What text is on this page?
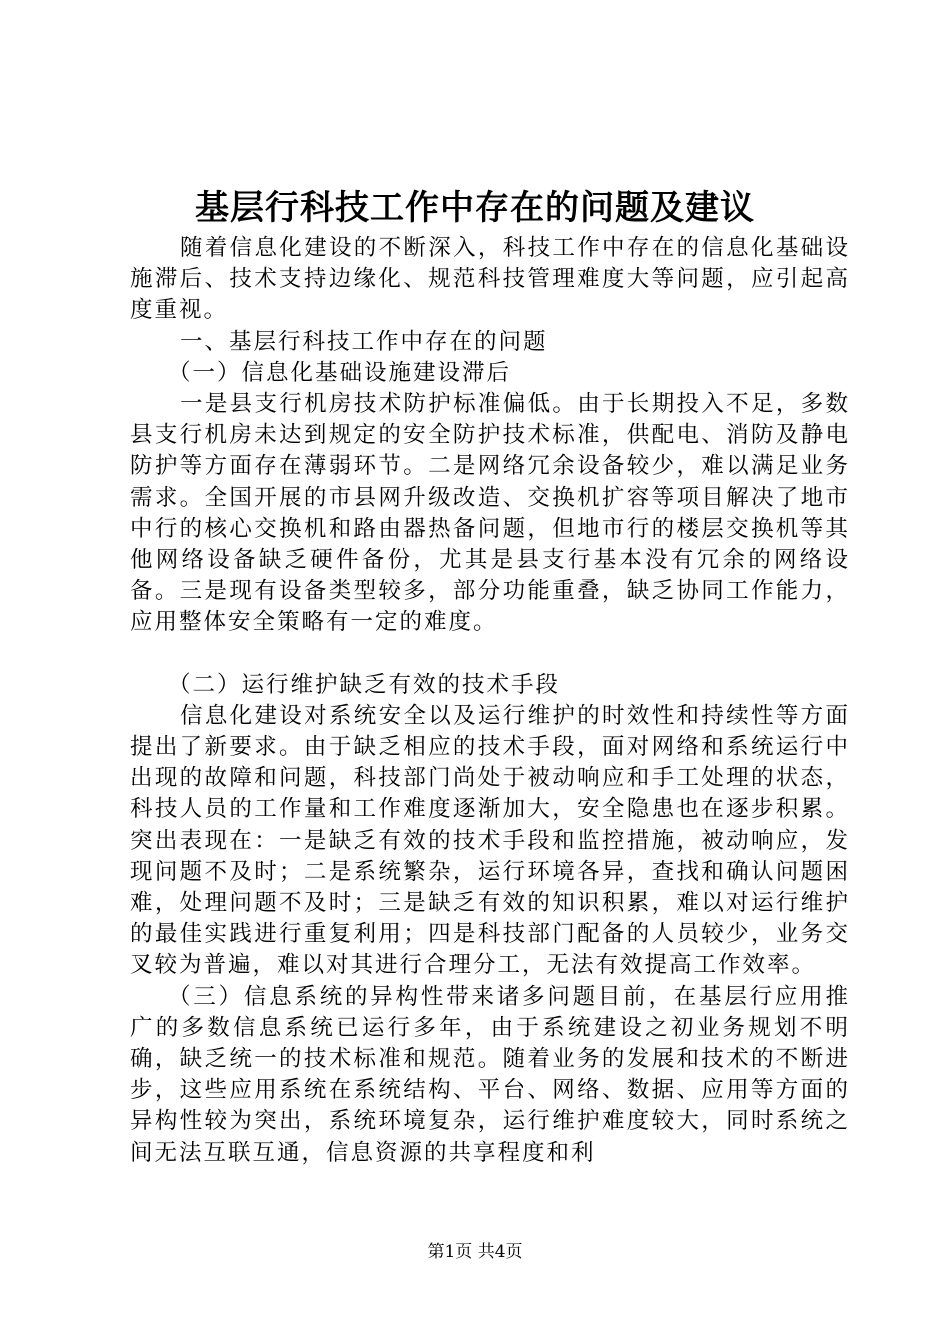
基层行科技工作中存在的问题及建议

随着信息化建设的不断深入，科技工作中存在的信息化基础设施滞后、技术支持边缘化、规范科技管理难度大等问题，应引起高度重视。

一、基层行科技工作中存在的问题

（一）信息化基础设施建设滞后

一是县支行机房技术防护标准偏低。由于长期投入不足，多数县支行机房未达到规定的安全防护技术标准，供配电、消防及静电防护等方面存在薄弱环节。二是网络冗余设备较少，难以满足业务需求。全国开展的市县网升级改造、交换机扩容等项目解决了地市中行的核心交换机和路由器热备问题，但地市行的楼层交换机等其他网络设备缺乏硬件备份，尤其是县支行基本没有冗余的网络设备。三是现有设备类型较多，部分功能重叠，缺乏协同工作能力，应用整体安全策略有一定的难度。

（二）运行维护缺乏有效的技术手段

信息化建设对系统安全以及运行维护的时效性和持续性等方面提出了新要求。由于缺乏相应的技术手段，面对网络和系统运行中出现的故障和问题，科技部门尚处于被动响应和手工处理的状态，科技人员的工作量和工作难度逐渐加大，安全隐患也在逐步积累。突出表现在：一是缺乏有效的技术手段和监控措施，被动响应，发现问题不及时；二是系统繁杂，运行环境各异，查找和确认问题困难，处理问题不及时；三是缺乏有效的知识积累，难以对运行维护的最佳实践进行重复利用；四是科技部门配备的人员较少，业务交叉较为普遍，难以对其进行合理分工，无法有效提高工作效率。

（三）信息系统的异构性带来诸多问题目前，在基层行应用推广的多数信息系统已运行多年，由于系统建设之初业务规划不明确，缺乏统一的技术标准和规范。随着业务的发展和技术的不断进步，这些应用系统在系统结构、平台、网络、数据、应用等方面的异构性较为突出，系统环境复杂，运行维护难度较大，同时系统之间无法互联互通，信息资源的共享程度和利

第1页 共4页
